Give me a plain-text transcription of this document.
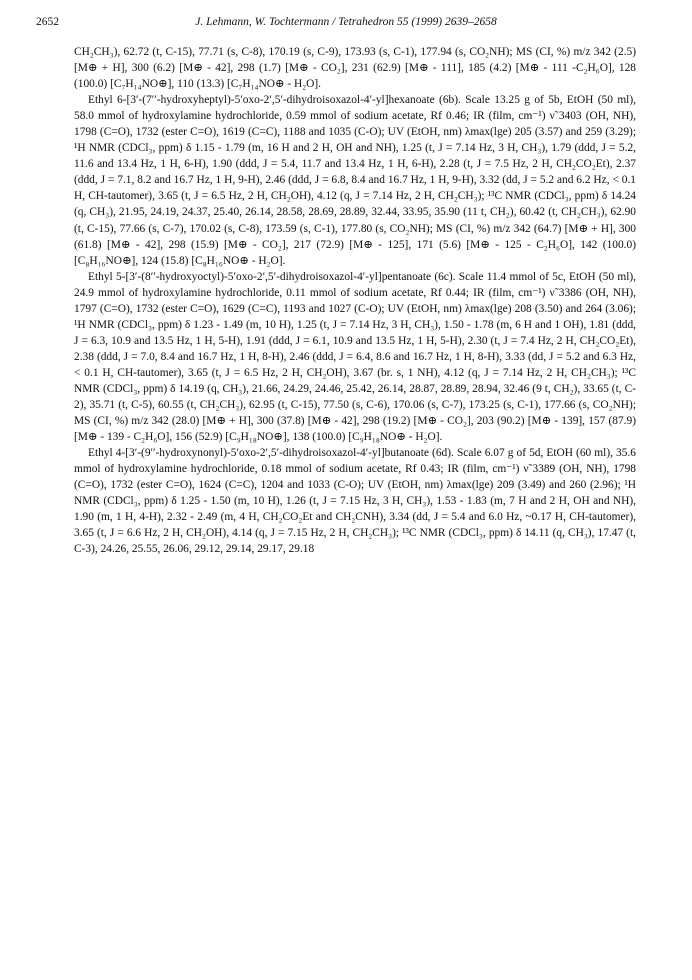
2652	J. Lehmann, W. Tochtermann / Tetrahedron 55 (1999) 2639–2658

CH₂CH₃), 62.72 (t, C-15), 77.71 (s, C-8), 170.19 (s, C-9), 173.93 (s, C-1), 177.94 (s, CO₂NH); MS (CI, %) m/z 342 (2.5) [M⊕ + H], 300 (6.2) [M⊕ - 42], 298 (1.7) [M⊕ - CO₂], 231 (62.9) [M⊕ - 111], 185 (4.2) [M⊕ - 111 -C₂H₆O], 128 (100.0) [C₇H₁₄NO⊕], 110 (13.3) [C₇H₁₄NO⊕ - H₂O].

Ethyl 6-[3′-(7′′-hydroxyheptyl)-5′oxo-2′,5′-dihydroisoxazol-4′-yl]hexanoate (6b). Scale 13.25 g of 5b, EtOH (50 ml), 58.0 mmol of hydroxylamine hydrochloride, 0.59 mmol of sodium acetate, Rf 0.46; IR (film, cm⁻¹) ν̃ 3403 (OH, NH), 1798 (C=O), 1732 (ester C=O), 1619 (C=C), 1188 and 1035 (C-O); UV (EtOH, nm) λmax(lge) 205 (3.57) and 259 (3.29); ¹H NMR (CDCl₃, ppm) δ 1.15 - 1.79 (m, 16 H and 2 H, OH and NH), 1.25 (t, J = 7.14 Hz, 3 H, CH₃), 1.79 (ddd, J = 5.2, 11.6 and 13.4 Hz, 1 H, 6-H), 1.90 (ddd, J = 5.4, 11.7 and 13.4 Hz, 1 H, 6-H), 2.28 (t, J = 7.5 Hz, 2 H, CH₂CO₂Et), 2.37 (ddd, J = 7.1, 8.2 and 16.7 Hz, 1 H, 9-H), 2.46 (ddd, J = 6.8, 8.4 and 16.7 Hz, 1 H, 9-H), 3.32 (dd, J = 5.2 and 6.2 Hz, < 0.1 H, CH-tautomer), 3.65 (t, J = 6.5 Hz, 2 H, CH₂OH), 4.12 (q, J = 7.14 Hz, 2 H, CH₂CH₃); ¹³C NMR (CDCl₃, ppm) δ 14.24 (q, CH₃), 21.95, 24.19, 24.37, 25.40, 26.14, 28.58, 28.69, 28.89, 32.44, 33.95, 35.90 (11 t, CH₂), 60.42 (t, CH₂CH₃), 62.90 (t, C-15), 77.66 (s, C-7), 170.02 (s, C-8), 173.59 (s, C-1), 177.80 (s, CO₂NH); MS (CI, %) m/z 342 (64.7) [M⊕ + H], 300 (61.8) [M⊕ - 42], 298 (15.9) [M⊕ - CO₂], 217 (72.9) [M⊕ - 125], 171 (5.6) [M⊕ - 125 - C₂H₆O], 142 (100.0) [C₈H₁₆NO⊕], 124 (15.8) [C₈H₁₆NO⊕ - H₂O].

Ethyl 5-[3′-(8′′-hydroxyoctyl)-5′oxo-2′,5′-dihydroisoxazol-4′-yl]pentanoate (6c). Scale 11.4 mmol of 5c, EtOH (50 ml), 24.9 mmol of hydroxylamine hydrochloride, 0.11 mmol of sodium acetate, Rf 0.44; IR (film, cm⁻¹) ν̃ 3386 (OH, NH), 1797 (C=O), 1732 (ester C=O), 1629 (C=C), 1193 and 1027 (C-O); UV (EtOH, nm) λmax(lge) 208 (3.50) and 264 (3.06); ¹H NMR (CDCl₃, ppm) δ 1.23 - 1.49 (m, 10 H), 1.25 (t, J = 7.14 Hz, 3 H, CH₃), 1.50 - 1.78 (m, 6 H and 1 OH), 1.81 (ddd, J = 6.3, 10.9 and 13.5 Hz, 1 H, 5-H), 1.91 (ddd, J = 6.1, 10.9 and 13.5 Hz, 1 H, 5-H), 2.30 (t, J = 7.4 Hz, 2 H, CH₂CO₂Et), 2.38 (ddd, J = 7.0, 8.4 and 16.7 Hz, 1 H, 8-H), 2.46 (ddd, J = 6.4, 8.6 and 16.7 Hz, 1 H, 8-H), 3.33 (dd, J = 5.2 and 6.3 Hz, < 0.1 H, CH-tautomer), 3.65 (t, J = 6.5 Hz, 2 H, CH₂OH), 3.67 (br. s, 1 NH), 4.12 (q, J = 7.14 Hz, 2 H, CH₂CH₃); ¹³C NMR (CDCl₃, ppm) δ 14.19 (q, CH₃), 21.66, 24.29, 24.46, 25.42, 26.14, 28.87, 28.89, 28.94, 32.46 (9 t, CH₂), 33.65 (t, C-2), 35.71 (t, C-5), 60.55 (t, CH₂CH₃), 62.95 (t, C-15), 77.50 (s, C-6), 170.06 (s, C-7), 173.25 (s, C-1), 177.66 (s, CO₂NH); MS (CI, %) m/z 342 (28.0) [M⊕ + H], 300 (37.8) [M⊕ - 42], 298 (19.2) [M⊕ - CO₂], 203 (90.2) [M⊕ - 139], 157 (87.9) [M⊕ - 139 - C₂H₆O], 156 (52.9) [C₉H₁₈NO⊕], 138 (100.0) [C₉H₁₈NO⊕ - H₂O].

Ethyl 4-[3′-(9′′-hydroxynonyl)-5′oxo-2′,5′-dihydroisoxazol-4′-yl]butanoate (6d). Scale 6.07 g of 5d, EtOH (60 ml), 35.6 mmol of hydroxylamine hydrochloride, 0.18 mmol of sodium acetate, Rf 0.43; IR (film, cm⁻¹) ν̃ 3389 (OH, NH), 1798 (C=O), 1732 (ester C=O), 1624 (C=C), 1204 and 1033 (C-O); UV (EtOH, nm) λmax(lge) 209 (3.49) and 260 (2.96); ¹H NMR (CDCl₃, ppm) δ 1.25 - 1.50 (m, 10 H), 1.26 (t, J = 7.15 Hz, 3 H, CH₃), 1.53 - 1.83 (m, 7 H and 2 H, OH and NH), 1.90 (m, 1 H, 4-H), 2.32 - 2.49 (m, 4 H, CH₂CO₂Et and CH₂CNH), 3.34 (dd, J = 5.4 and 6.0 Hz, ~0.17 H, CH-tautomer), 3.65 (t, J = 6.6 Hz, 2 H, CH₂OH), 4.14 (q, J = 7.15 Hz, 2 H, CH₂CH₃); ¹³C NMR (CDCl₃, ppm) δ 14.11 (q, CH₃), 17.47 (t, C-3), 24.26, 25.55, 26.06, 29.12, 29.14, 29.17, 29.18
